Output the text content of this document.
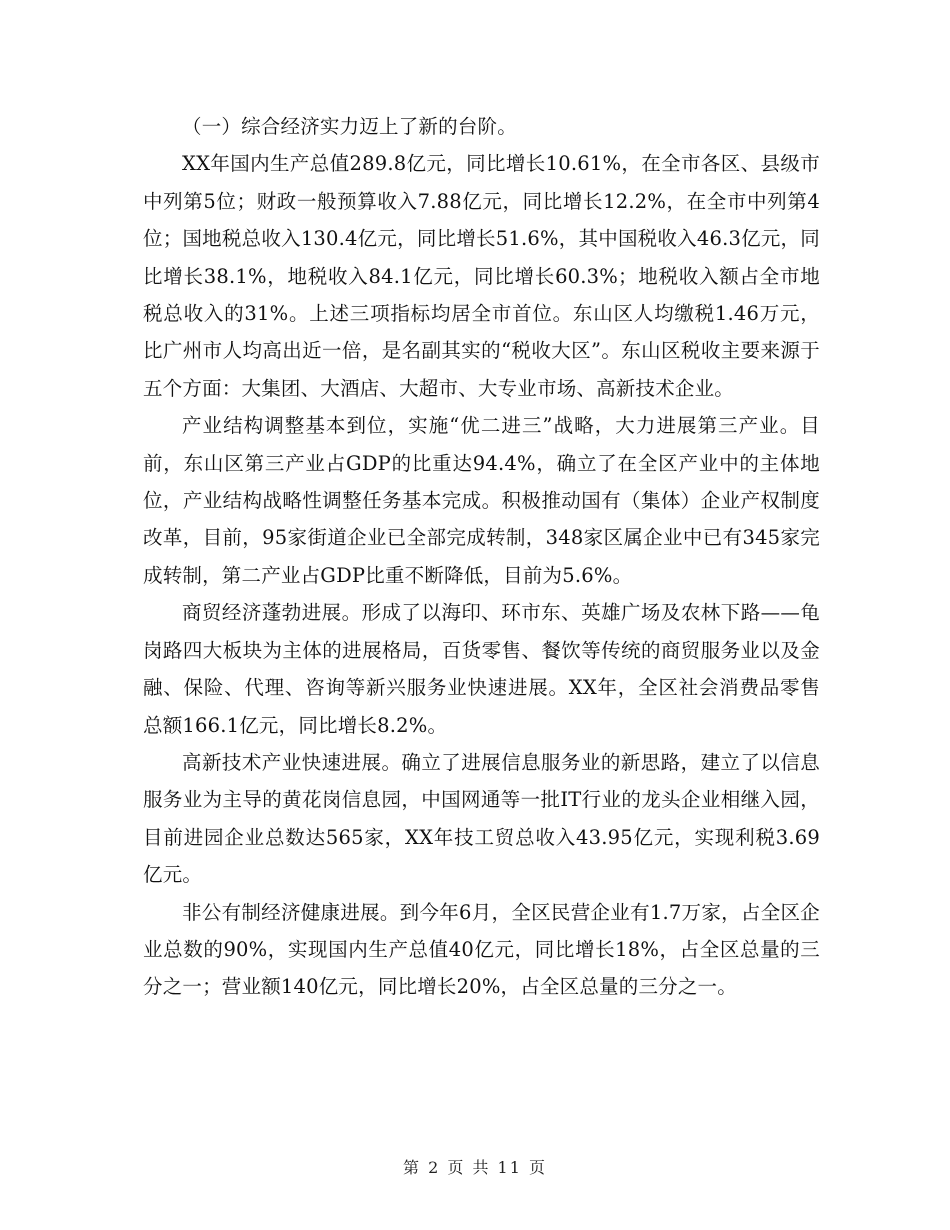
（一）综合经济实力迈上了新的台阶。

XX年国内生产总值289.8亿元，同比增长10.61%，在全市各区、县级市中列第5位；财政一般预算收入7.88亿元，同比增长12.2%，在全市中列第4位；国地税总收入130.4亿元，同比增长51.6%，其中国税收入46.3亿元，同比增长38.1%，地税收入84.1亿元，同比增长60.3%；地税收入额占全市地税总收入的31%。上述三项指标均居全市首位。东山区人均缴税1.46万元，比广州市人均高出近一倍，是名副其实的“税收大区”。东山区税收主要来源于五个方面：大集团、大酒店、大超市、大专业市场、高新技术企业。

产业结构调整基本到位，实施“优二进三”战略，大力进展第三产业。目前，东山区第三产业占GDP的比重达94.4%，确立了在全区产业中的主体地位，产业结构战略性调整任务基本完成。积极推动国有（集体）企业产权制度改革，目前，95家街道企业已全部完成转制，348家区属企业中已有345家完成转制，第二产业占GDP比重不断降低，目前为5.6%。

商贸经济蓬勃进展。形成了以海印、环市东、英雄广场及农林下路——龟岗路四大板块为主体的进展格局，百货零售、餐饮等传统的商贸服务业以及金融、保险、代理、咨询等新兴服务业快速进展。XX年，全区社会消费品零售总额166.1亿元，同比增长8.2%。

高新技术产业快速进展。确立了进展信息服务业的新思路，建立了以信息服务业为主导的黄花岗信息园，中国网通等一批IT行业的龙头企业相继入园，目前进园企业总数达565家，XX年技工贸总收入43.95亿元，实现利税3.69亿元。

非公有制经济健康进展。到今年6月，全区民营企业有1.7万家，占全区企业总数的90%，实现国内生产总值40亿元，同比增长18%，占全区总量的三分之一；营业额140亿元，同比增长20%，占全区总量的三分之一。

第 2 页 共 11 页
